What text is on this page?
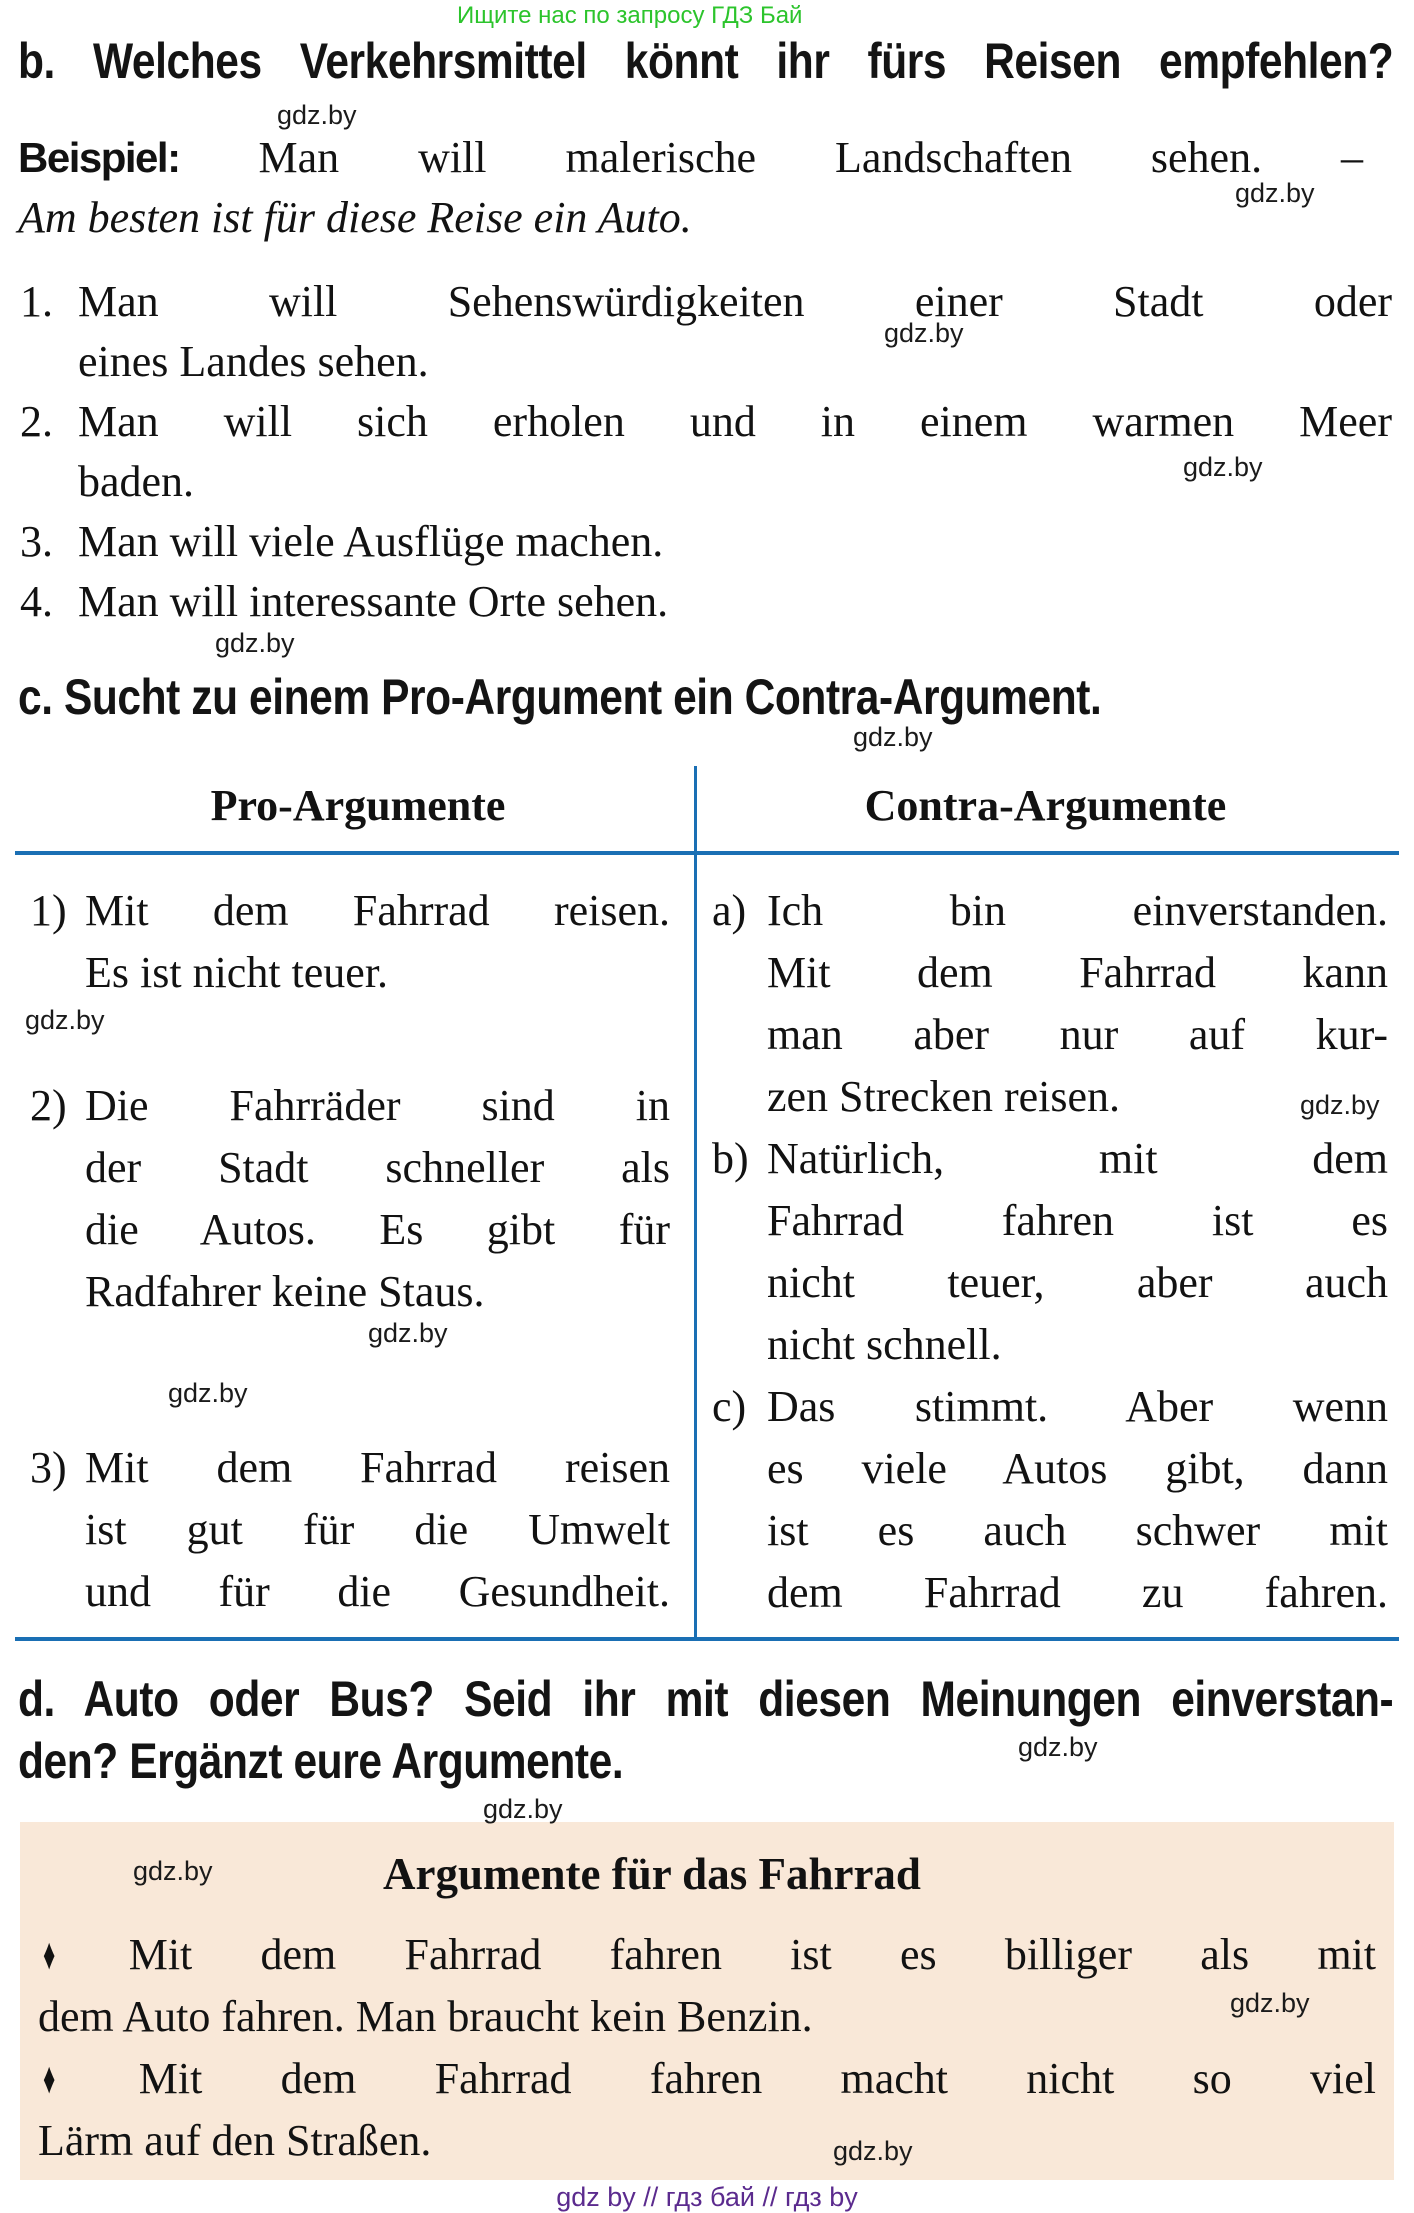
Ищите нас по запросу ГДЗ Бай
b. Welches Verkehrsmittel könnt ihr fürs Reisen empfehlen?
Beispiel: Man will malerische Landschaften sehen. –
Am besten ist für diese Reise ein Auto.
1. Man will Sehenswürdigkeiten einer Stadt oder
eines Landes sehen.
2. Man will sich erholen und in einem warmen Meer
baden.
3. Man will viele Ausflüge machen.
4. Man will interessante Orte sehen.
c. Sucht zu einem Pro-Argument ein Contra-Argument.
Pro-Argumente	Contra-Argumente
1) Mit dem Fahrrad reisen.
Es ist nicht teuer.
2) Die Fahrräder sind in
der Stadt schneller als
die Autos. Es gibt für
Radfahrer keine Staus.
3) Mit dem Fahrrad reisen
ist gut für die Umwelt
und für die Gesundheit.
a) Ich bin einverstanden.
Mit dem Fahrrad kann
man aber nur auf kur-
zen Strecken reisen.
b) Natürlich, mit dem
Fahrrad fahren ist es
nicht teuer, aber auch
nicht schnell.
c) Das stimmt. Aber wenn
es viele Autos gibt, dann
ist es auch schwer mit
dem Fahrrad zu fahren.
d. Auto oder Bus? Seid ihr mit diesen Meinungen einverstan-
den? Ergänzt eure Argumente.
Argumente für das Fahrrad
♦ Mit dem Fahrrad fahren ist es billiger als mit
dem Auto fahren. Man braucht kein Benzin.
♦ Mit dem Fahrrad fahren macht nicht so viel
Lärm auf den Straßen.
gdz by // гдз бай // гдз by
gdz.by
gdz.by
gdz.by
gdz.by
gdz.by
gdz.by
gdz.by
gdz.by
gdz.by
gdz.by
gdz.by
gdz.by
gdz.by
gdz.by
gdz.by
